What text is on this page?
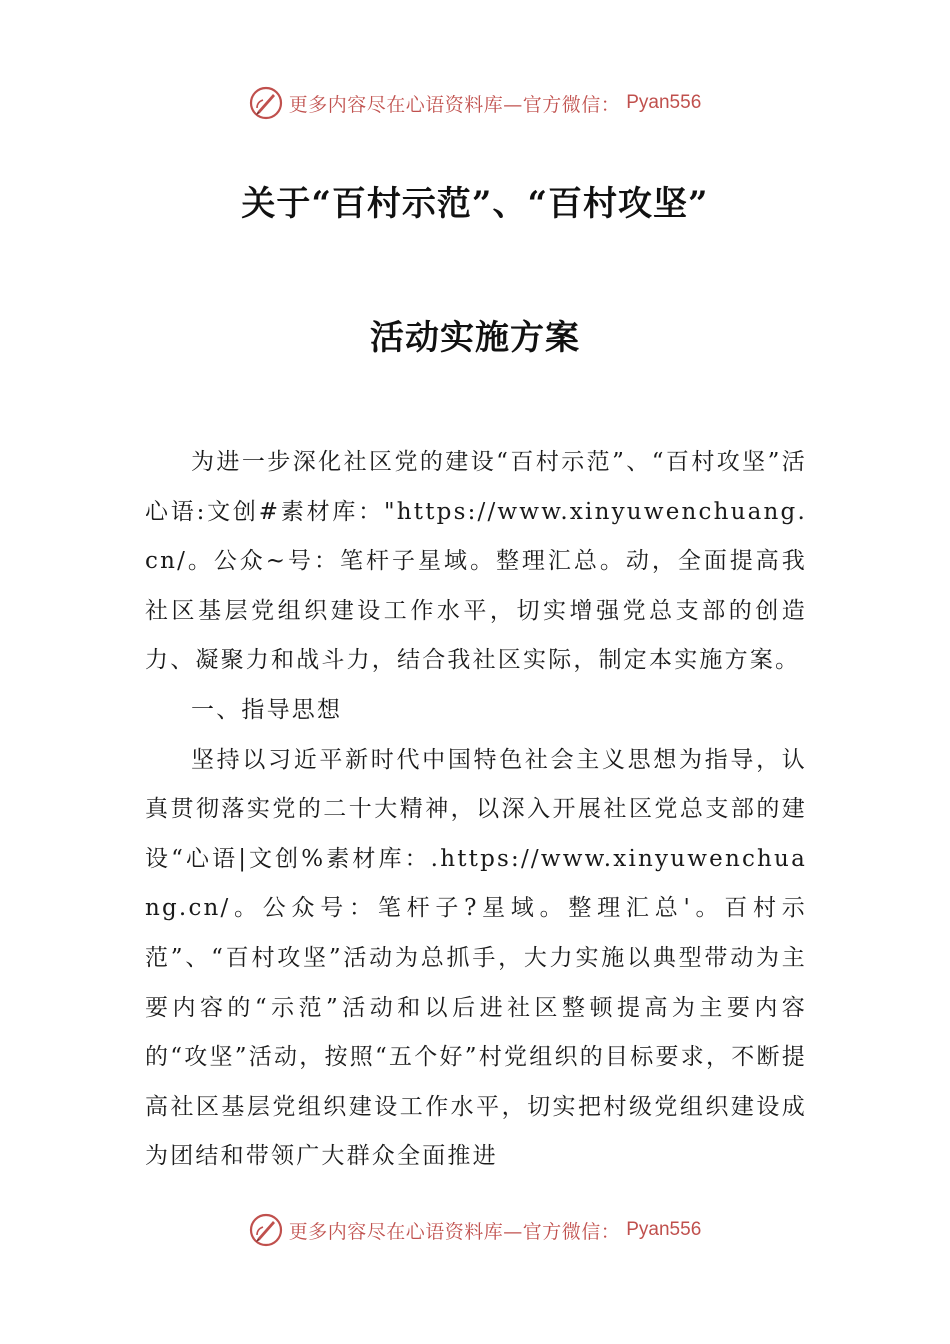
更多内容尽在心语资料库—官方微信： Pyan556
关于“百村示范”、“百村攻坚”
活动实施方案

为进一步深化社区党的建设“百村示范”、“百村攻坚”活心语:文创#素材库："https://www.xinyuwenchuang.cn/。公众~号：笔杆子星域。整理汇总。动，全面提高我社区基层党组织建设工作水平，切实增强党总支部的创造力、凝聚力和战斗力，结合我社区实际，制定本实施方案。

一、指导思想

坚持以习近平新时代中国特色社会主义思想为指导，认真贯彻落实党的二十大精神，以深入开展社区党总支部的建设“心语|文创%素材库：.https://www.xinyuwenchuang.cn/。公众号：笔杆子?星域。整理汇总'。百村示范”、“百村攻坚”活动为总抓手，大力实施以典型带动为主要内容的“示范”活动和以后进社区整顿提高为主要内容的“攻坚”活动，按照“五个好”村党组织的目标要求，不断提高社区基层党组织建设工作水平，切实把村级党组织建设成为团结和带领广大群众全面推进

更多内容尽在心语资料库—官方微信： Pyan556
